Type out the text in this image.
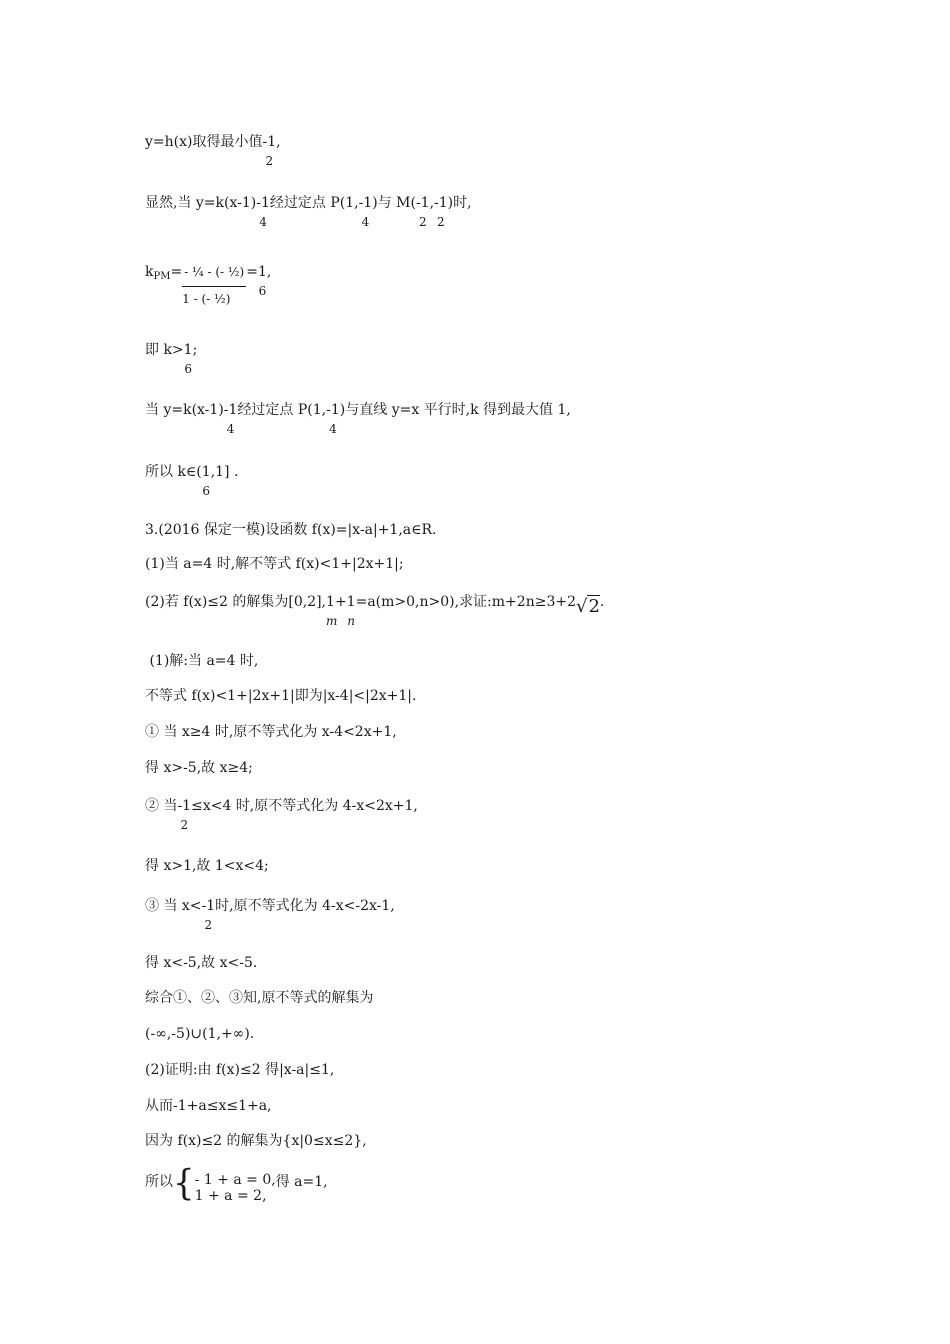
y=h(x)取得最小值 -1
2
,
显然,当 y=k(x-1) -1
4
经过定点 P(1, -1
4
)与 M( -1
2
, -1
2
)时,
$kPM= \frac{\text{- ¼ - (- ½)}}{\text{1 - (- ½)}} = 1$
6
,
即 k> 1
6
;
当 y=k(x-1) -1
4
经过定点 P(1, -1
4
)与直线 y=x 平行时,k 得到最大值 1,
所以 k∈( 1
6
,1] .
3.(2016 保定一模)设函数 f(x)=|x-a|+1,a∈R.
(1)当 a=4 时,解不等式 f(x)<1+|2x+1|;
(2)若 f(x)≤2 的解集为[0,2], 1
m
+ 1
n
=a(m>0,n>0),求证:m+2n≥3+2√2.
(1)解:当 a=4 时,
不等式 f(x)<1+|2x+1|即为|x-4|<|2x+1|.
① 当 x≥4 时,原不等式化为 x-4<2x+1,
得 x>-5,故 x≥4;
② 当 -1
2
≤x<4 时,原不等式化为 4-x<2x+1,
得 x>1,故 1<x<4;
③ 当 x< -1
2
时,原不等式化为 4-x<-2x-1,
得 x<-5,故 x<-5.
综合①、②、③知,原不等式的解集为
(-∞,-5)∪(1,+∞).
(2)证明:由 f(x)≤2 得|x-a|≤1,
从而-1+a≤x≤1+a,
因为 f(x)≤2 的解集为{x|0≤x≤2},
所以{ - 1 + a = 0,
1 + a = 2,
得 a=1,
